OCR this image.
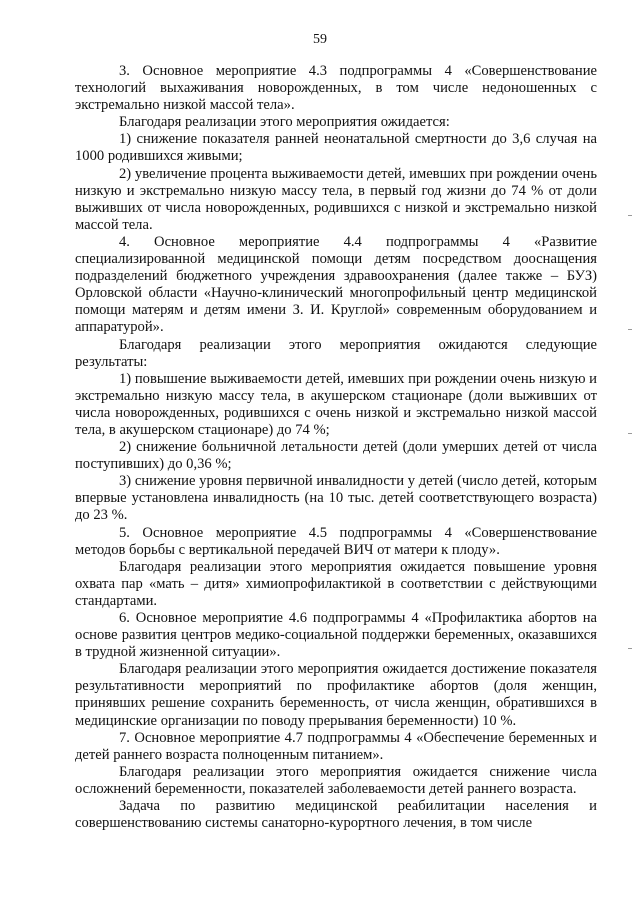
59

3. Основное мероприятие 4.3 подпрограммы 4 «Совершенствование технологий выхаживания новорожденных, в том числе недоношенных с экстремально низкой массой тела».

Благодаря реализации этого мероприятия ожидается:

1) снижение показателя ранней неонатальной смертности до 3,6 случая на 1000 родившихся живыми;

2) увеличение процента выживаемости детей, имевших при рождении очень низкую и экстремально низкую массу тела, в первый год жизни до 74 % от доли выживших от числа новорожденных, родившихся с низкой и экстремально низкой массой тела.

4. Основное мероприятие 4.4 подпрограммы 4 «Развитие специализированной медицинской помощи детям посредством дооснащения подразделений бюджетного учреждения здравоохранения (далее также – БУЗ) Орловской области «Научно-клинический многопрофильный центр медицинской помощи матерям и детям имени З. И. Круглой» современным оборудованием и аппаратурой».

Благодаря реализации этого мероприятия ожидаются следующие результаты:

1) повышение выживаемости детей, имевших при рождении очень низкую и экстремально низкую массу тела, в акушерском стационаре (доли выживших от числа новорожденных, родившихся с очень низкой и экстремально низкой массой тела, в акушерском стационаре) до 74 %;

2) снижение больничной летальности детей (доли умерших детей от числа поступивших) до 0,36 %;

3) снижение уровня первичной инвалидности у детей (число детей, которым впервые установлена инвалидность (на 10 тыс. детей соответствующего возраста) до 23 %.

5. Основное мероприятие 4.5 подпрограммы 4 «Совершенствование методов борьбы с вертикальной передачей ВИЧ от матери к плоду».

Благодаря реализации этого мероприятия ожидается повышение уровня охвата пар «мать – дитя» химиопрофилактикой в соответствии с действующими стандартами.

6. Основное мероприятие 4.6 подпрограммы 4 «Профилактика абортов на основе развития центров медико-социальной поддержки беременных, оказавшихся в трудной жизненной ситуации».

Благодаря реализации этого мероприятия ожидается достижение показателя результативности мероприятий по профилактике абортов (доля женщин, принявших решение сохранить беременность, от числа женщин, обратившихся в медицинские организации по поводу прерывания беременности) 10 %.

7. Основное мероприятие 4.7 подпрограммы 4 «Обеспечение беременных и детей раннего возраста полноценным питанием».

Благодаря реализации этого мероприятия ожидается снижение числа осложнений беременности, показателей заболеваемости детей раннего возраста.

Задача по развитию медицинской реабилитации населения и совершенствованию системы санаторно-курортного лечения, в том числе
